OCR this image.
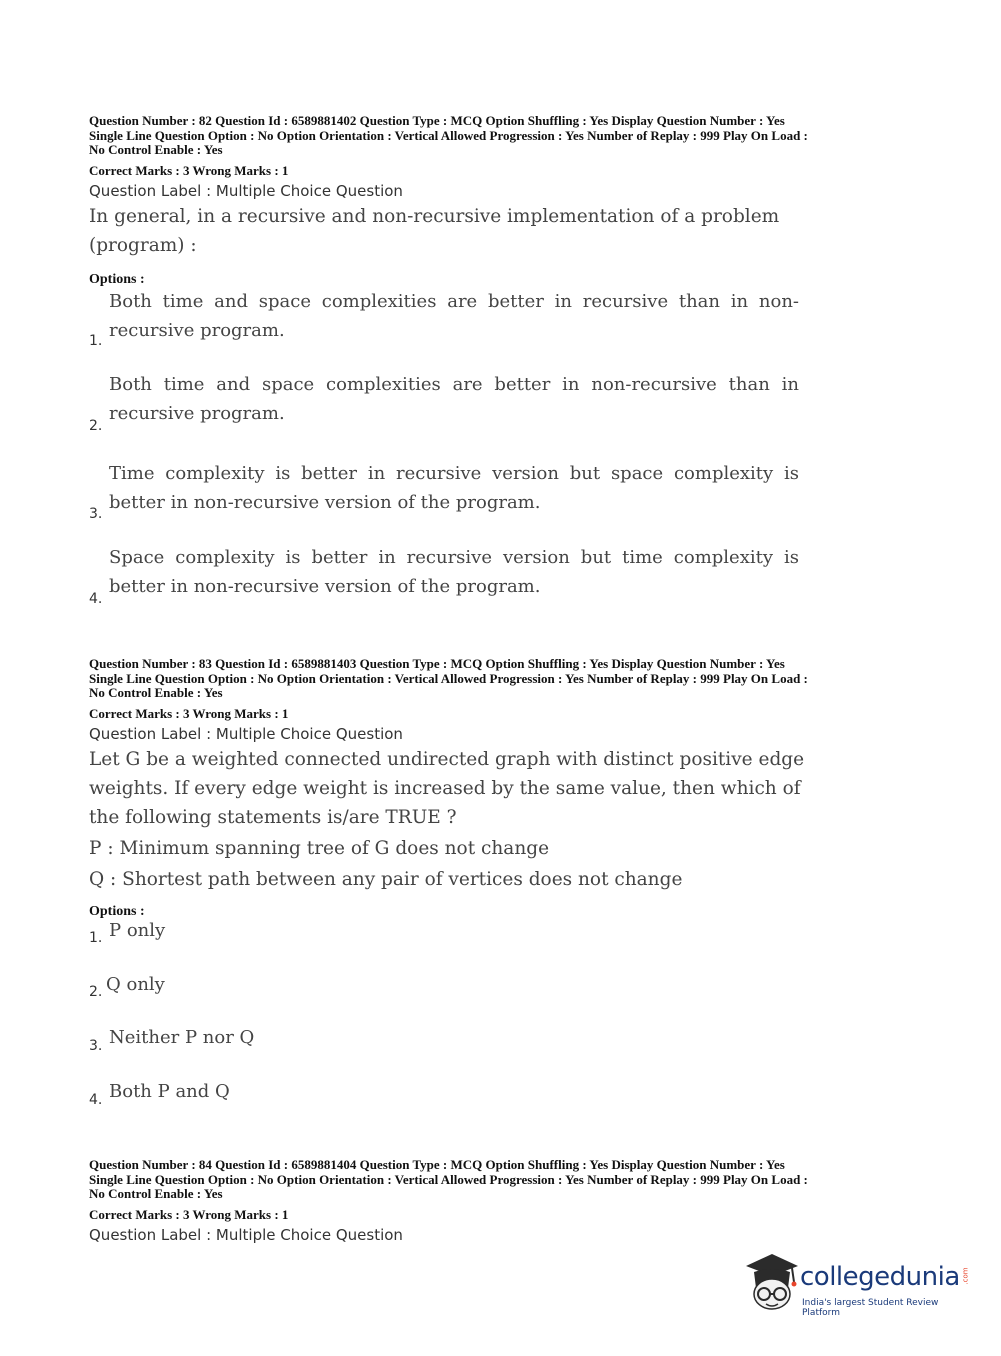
Question Number : 82 Question Id : 6589881402 Question Type : MCQ Option Shuffling : Yes Display Question Number : Yes
Single Line Question Option : No Option Orientation : Vertical Allowed Progression : Yes Number of Replay : 999 Play On Load :
No Control Enable : Yes
Correct Marks : 3 Wrong Marks : 1
Question Label : Multiple Choice Question
In general, in a recursive and non-recursive implementation of a problem (program) :
Options :
1.
Both time and space complexities are better in recursive than in non-recursive program.
2.
Both time and space complexities are better in non-recursive than in recursive program.
3.
Time complexity is better in recursive version but space complexity is better in non-recursive version of the program.
4.
Space complexity is better in recursive version but time complexity is better in non-recursive version of the program.
Question Number : 83 Question Id : 6589881403 Question Type : MCQ Option Shuffling : Yes Display Question Number : Yes
Single Line Question Option : No Option Orientation : Vertical Allowed Progression : Yes Number of Replay : 999 Play On Load :
No Control Enable : Yes
Correct Marks : 3 Wrong Marks : 1
Question Label : Multiple Choice Question
Let G be a weighted connected undirected graph with distinct positive edge weights. If every edge weight is increased by the same value, then which of the following statements is/are TRUE ?
P : Minimum spanning tree of G does not change
Q : Shortest path between any pair of vertices does not change
Options :
1. P only
2. Q only
3. Neither P nor Q
4. Both P and Q
Question Number : 84 Question Id : 6589881404 Question Type : MCQ Option Shuffling : Yes Display Question Number : Yes
Single Line Question Option : No Option Orientation : Vertical Allowed Progression : Yes Number of Replay : 999 Play On Load :
No Control Enable : Yes
Correct Marks : 3 Wrong Marks : 1
Question Label : Multiple Choice Question
collegedunia .com
India's largest Student Review Platform
